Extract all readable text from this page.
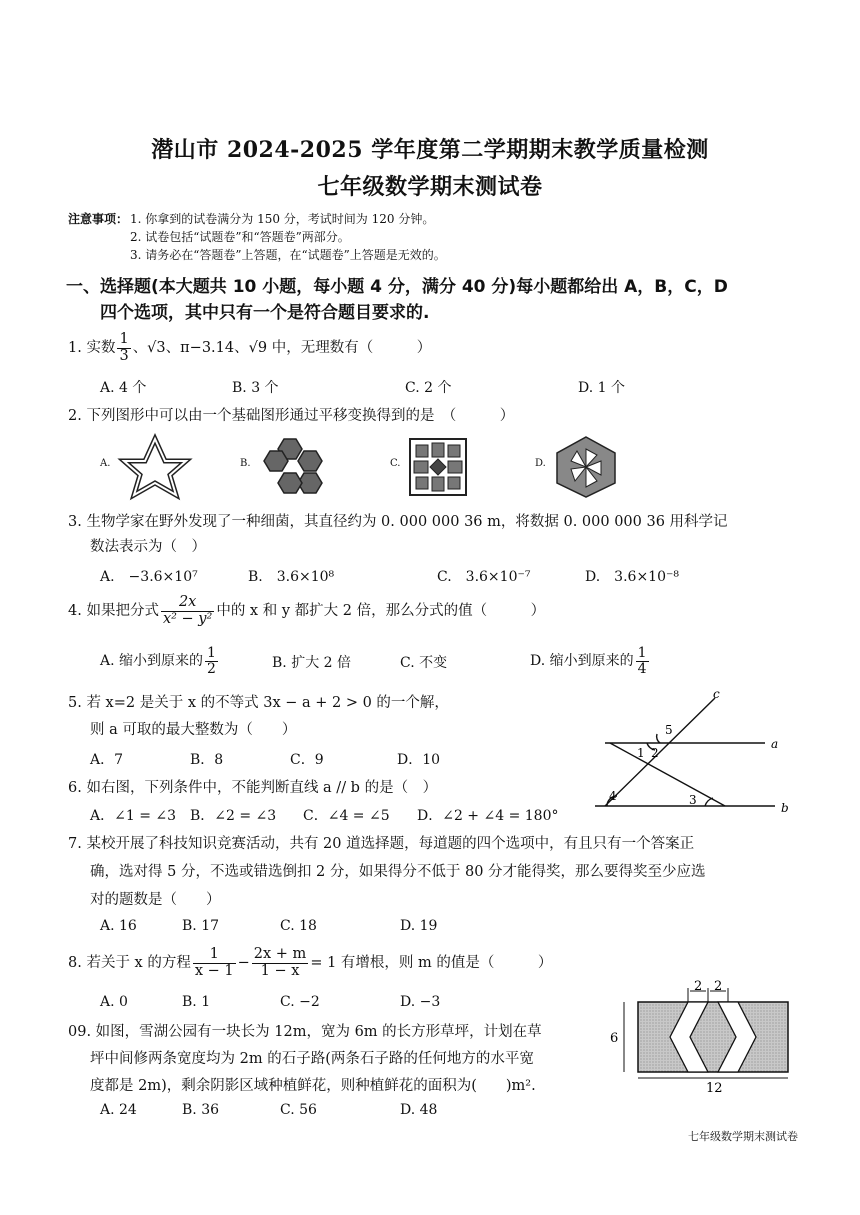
潜山市 2024-2025 学年度第二学期期末教学质量检测
七年级数学期末测试卷
注意事项： 1. 你拿到的试卷满分为 150 分，考试时间为 120 分钟。
2. 试卷包括“试题卷”和“答题卷”两部分。
3. 请务必在“答题卷”上答题，在“试题卷”上答题是无效的。
一、选择题(本大题共 10 小题，每小题 4 分，满分 40 分)每小题都给出 A，B，C，D
四个选项，其中只有一个是符合题目要求的.
1. 实数 $\frac{1}{3}$ 、√3、π−3.14、√9 中，无理数有（　　　）
A. 4 个	B. 3 个	C. 2 个	D. 1 个
2. 下列图形中可以由一个基础图形通过平移变换得到的是　（　　　）
A.	B.	C.	D.
3. 生物学家在野外发现了一种细菌，其直径约为 0. 000 000 36 m，将数据 0. 000 000 36 用科学记
数法表示为（　）
A.　−3.6×10⁷	B.　3.6×10⁸	C.　3.6×10⁻⁷	D.　3.6×10⁻⁸
4. 如果把分式 $\frac{2x}{\text{x² − y²}}$ 中的 x 和 y 都扩大 2 倍，那么分式的值（　　　）
A. 缩小到原来的 $\frac{1}{2}$	B. 扩大 2 倍	C. 不变	D. 缩小到原来的 $\frac{1}{4}$
5. 若 x=2 是关于 x 的不等式 3x − a + 2 > 0 的一个解，
则 a 可取的最大整数为（　　）
A．7	B．8	C．9	D．10
6. 如右图，下列条件中，不能判断直线 a // b 的是（　）
A．∠1 = ∠3 B．∠2 = ∠3 C．∠4 = ∠5 D．∠2 + ∠4 = 180°
c
5
a
1 2
4	3
b
7. 某校开展了科技知识竞赛活动，共有 20 道选择题，每道题的四个选项中，有且只有一个答案正
确，选对得 5 分，不选或错选倒扣 2 分，如果得分不低于 80 分才能得奖，那么要得奖至少应选
对的题数是（　　）
A. 16	B. 17	C. 18	D. 19
8. 若关于 x 的方程 $\frac{1}{x - 1} - \frac{2x + m}{1 - x} = 1$ 有增根，则 m 的值是（　　　）
A. 0	B. 1	C. −2	D. −3
09. 如图，雪湖公园有一块长为 12m，宽为 6m 的长方形草坪，计划在草
坪中间修两条宽度均为 2m 的石子路(两条石子路的任何地方的水平宽
度都是 2m)，剩余阴影区域种植鲜花，则种植鲜花的面积为(　　)m².
A. 24	B. 36	C. 56	D. 48
2 2
6
12
七年级数学期末测试卷
